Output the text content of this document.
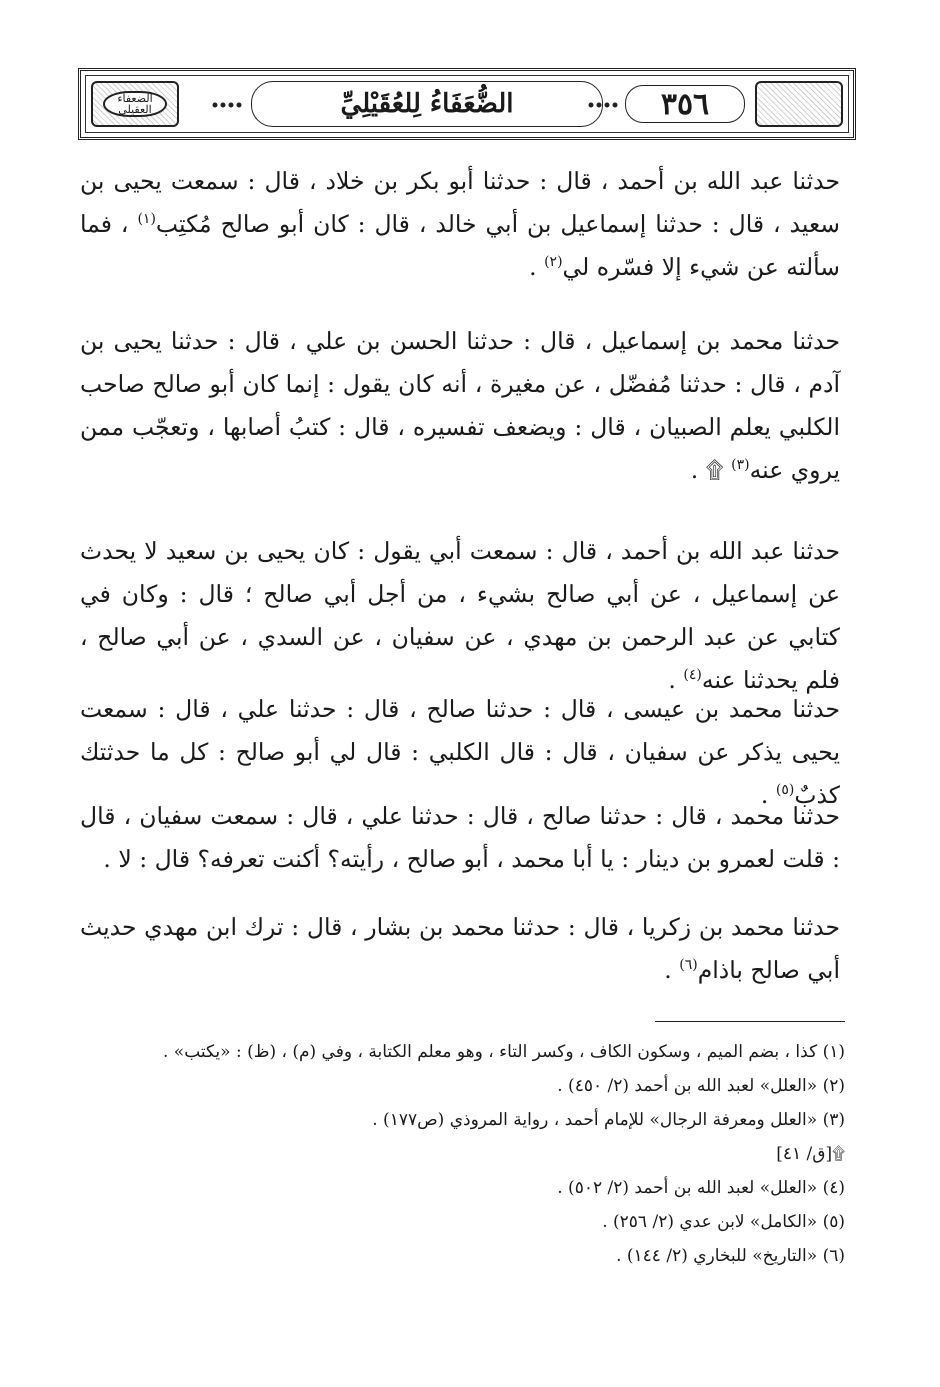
الضعفاء العقيلي	الضُّعَفَاءُ لِلعُقَيْلِيِّ	٣٥٦

حدثنا عبد الله بن أحمد ، قال : حدثنا أبو بكر بن خلاد ، قال : سمعت يحيى بن سعيد ، قال : حدثنا إسماعيل بن أبي خالد ، قال : كان أبو صالح مُكتِب$^{(١)}$ ، فما سألته عن شيء إلا فسّره لي$^{(٢)}$ .

حدثنا محمد بن إسماعيل ، قال : حدثنا الحسن بن علي ، قال : حدثنا يحيى بن آدم ، قال : حدثنا مُفضّل ، عن مغيرة ، أنه كان يقول : إنما كان أبو صالح صاحب الكلبي يعلم الصبيان ، قال : ويضعف تفسيره ، قال : كتبُ أصابها ، وتعجّب ممن يروي عنه$^{(٣)}$ ۩ .

حدثنا عبد الله بن أحمد ، قال : سمعت أبي يقول : كان يحيى بن سعيد لا يحدث عن إسماعيل ، عن أبي صالح بشيء ، من أجل أبي صالح ؛ قال : وكان في كتابي عن عبد الرحمن بن مهدي ، عن سفيان ، عن السدي ، عن أبي صالح ، فلم يحدثنا عنه$^{(٤)}$ .

حدثنا محمد بن عيسى ، قال : حدثنا صالح ، قال : حدثنا علي ، قال : سمعت يحيى يذكر عن سفيان ، قال : قال الكلبي : قال لي أبو صالح : كل ما حدثتك كذبٌ$^{(٥)}$ .

حدثنا محمد ، قال : حدثنا صالح ، قال : حدثنا علي ، قال : سمعت سفيان ، قال : قلت لعمرو بن دينار : يا أبا محمد ، أبو صالح ، رأيته؟ أكنت تعرفه؟ قال : لا .

حدثنا محمد بن زكريا ، قال : حدثنا محمد بن بشار ، قال : ترك ابن مهدي حديث أبي صالح باذام$^{(٦)}$ .

(١) كذا ، بضم الميم ، وسكون الكاف ، وكسر التاء ، وهو معلم الكتابة ، وفي (م) ، (ظ) : «يكتب» .

(٢) «العلل» لعبد الله بن أحمد (٢/ ٤٥٠) .

(٣) «العلل ومعرفة الرجال» للإمام أحمد ، رواية المروذي (ص١٧٧) .

۩[ق/ ٤١]

(٤) «العلل» لعبد الله بن أحمد (٢/ ٥٠٢) .

(٥) «الكامل» لابن عدي (٢/ ٢٥٦) .

(٦) «التاريخ» للبخاري (٢/ ١٤٤) .
